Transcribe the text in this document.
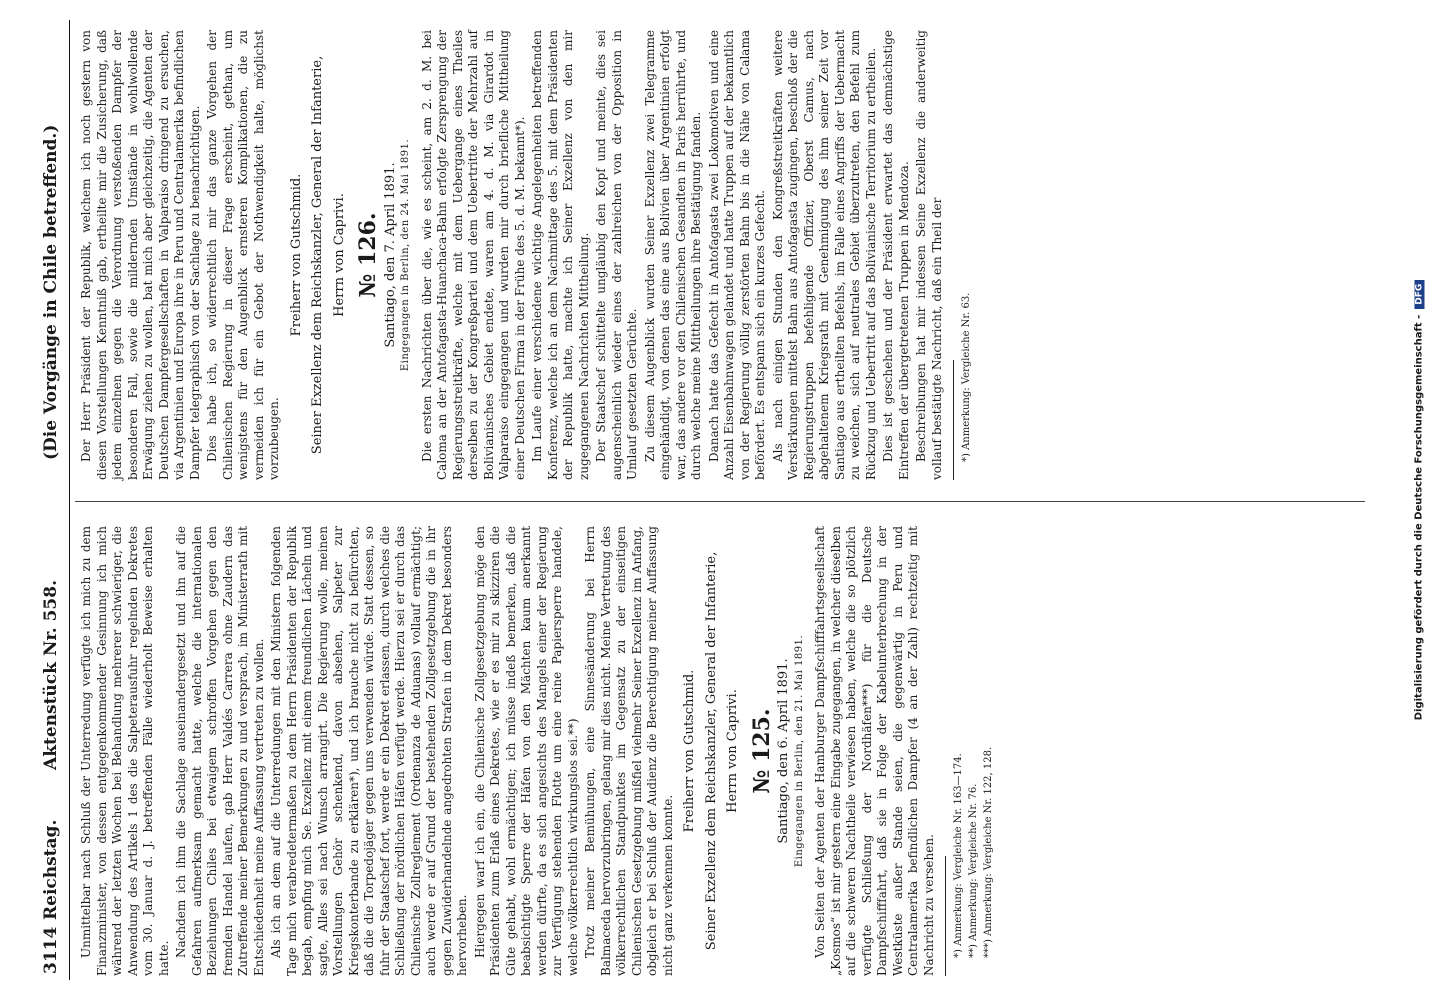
3114
Reichstag.
Aktenstück Nr. 558.
(Die Vorgänge in Chile betreffend.)

Unmittelbar nach Schluß der Unterredung verfügte ich mich zu dem Finanzminister, von dessen entgegenkommender Gesinnung ich mich während der letzten Wochen bei Behandlung mehrerer schwieriger, die Anwendung des Artikels 1 des die Salpeterausfuhr regelnden Dekretes vom 30. Januar d. J. betreffenden Fälle wiederholt Beweise erhalten hatte.

Nachdem ich ihm die Sachlage auseinandergesetzt und ihn auf die Gefahren aufmerksam gemacht hatte, welche die internationalen Beziehungen Chiles bei etwaigem schroffen Vorgehen gegen den fremden Handel laufen, gab Herr Valdés Carrera ohne Zaudern das Zutreffende meiner Bemerkungen zu und versprach, im Ministerrath mit Entschiedenheit meine Auffassung vertreten zu wollen. Als ich an dem auf die Unterredungen mit den Ministern folgenden Tage mich verabredetermaßen zu dem Herrn Präsidenten der Republik begab, empfing mich Se. Exzellenz mit einem freundlichen Lächeln und sagte, Alles sei nach Wunsch arrangirt. Die Regierung wolle, meinen Vorstellungen Gehör schenkend, davon absehen, Salpeter zur Kriegskonterbande zu erklären*), und ich brauche nicht zu befürchten, daß die die Torpedojäger gegen uns verwenden würde. Statt dessen, so fuhr der Staatschef fort, werde er ein Dekret erlassen, durch welches die Schließung der nördlichen Häfen verfügt werde. Hierzu sei er durch das Chilenische Zollreglement (Ordenanza de Aduanas) vollauf ermächtigt; auch werde er auf Grund der bestehenden Zollgesetzgebung die in ihr gegen Zuwiderhandelnde angedrohten Strafen in dem Dekret besonders hervorheben. Hiergegen warf ich ein, die Chilenische Zollgesetzgebung möge den Präsidenten zum Erlaß eines Dekretes, wie er es mir zu skizziren die Güte gehabt, wohl ermächtigen; ich müsse indeß bemerken, daß die beabsichtigte Sperre der Häfen von den Mächten kaum anerkannt werden dürfte, da es sich angesichts des Mangels einer der Regierung zur Verfügung stehenden Flotte um eine reine Papiersperre handele, welche völkerrechtlich wirkungslos sei.**) Trotz meiner Bemühungen, eine Sinnesänderung bei Herrn Balmaceda hervorzubringen, gelang mir dies nicht. Meine Vertretung des völkerrechtlichen Standpunktes im Gegensatz zu der einseitigen Chilenischen Gesetzgebung mißfiel vielmehr Seiner Exzellenz im Anfang, obgleich er bei Schluß der Audienz die Berechtigung meiner Auffassung nicht ganz verkennen konnte.

Freiherr von Gutschmid. Seiner Exzellenz dem Reichskanzler, General der Infanterie, Herrn von Caprivi. № 125. Santiago, den 6. April 1891. Eingegangen in Berlin, den 21. Mai 1891. Von Seiten der Agenten der Hamburger Dampfschifffahrtsgesellschaft „Kosmos“ ist mir gestern eine Eingabe zugegangen, in welcher dieselben auf die schweren Nachtheile verwiesen haben, welche die so plötzlich verfügte Schließung der Nordhäfen***) für die Deutsche Dampfschifffahrt, daß sie in Folge der Kabelunterbrechung in der Westküste außer Stande seien, die gegenwärtig in Peru und Centralamerika befindlichen Dampfer (4 an der Zahl) rechtzeitig mit Nachricht zu versehen. *) Anmerkung: Vergleiche Nr. 163—174. **) Anmerkung: Vergleiche Nr. 76. ***) Anmerkung: Vergleiche Nr. 122, 128.

Der Herr Präsident der Republik, welchem ich noch gestern von diesen Vorstellungen Kenntniß gab, ertheilte mir die Zusicherung, daß jedem einzelnen gegen die Verordnung verstoßenden Dampfer der besonderen Fall, sowie die mildernden Umstände in wohlwollende Erwägung ziehen zu wollen, bat mich aber gleichzeitig, die Agenten der Deutschen Dampfergesellschaften in Valparaiso dringend zu ersuchen, via Argentinien und Europa ihre in Peru und Centralamerika befindlichen Dampfer telegraphisch von der Sachlage zu benachrichtigen. Dies habe ich, so widerrechtlich mir das ganze Vorgehen der Chilenischen Regierung in dieser Frage erscheint, gethan, um wenigstens für den Augenblick ernsteren Komplikationen, die zu vermeiden ich für ein Gebot der Nothwendigkeit halte, möglichst vorzubeugen.

Freiherr von Gutschmid. Seiner Exzellenz dem Reichskanzler, General der Infanterie, Herrn von Caprivi. № 126. Santiago, den 7. April 1891. Eingegangen in Berlin, den 24. Mai 1891. Die ersten Nachrichten über die, wie es scheint, am 2. d. M. bei Caloma an der Antofagasta-Huanchaca-Bahn erfolgte Zersprengung der Regierungsstreitkräfte, welche mit dem Uebergange eines Theiles derselben zu der Kongreßpartei und dem Uebertritte der Mehrzahl auf Bolivianisches Gebiet endete, waren am 4. d. M. via Girardot in Valparaiso eingegangen und wurden mir durch briefliche Mittheilung einer Deutschen Firma in der Frühe des 5. d. M. bekannt*). Im Laufe einer verschiedene wichtige Angelegenheiten betreffenden Konferenz, welche ich an dem Nachmittage des 5. mit dem Präsidenten der Republik hatte, machte ich Seiner Exzellenz von den mir zugegangenen Nachrichten Mittheilung. Der Staatschef schüttelte ungläubig den Kopf und meinte, dies sei augenscheinlich wieder eines der zahlreichen von der Opposition in Umlauf gesetzten Gerüchte. Zu diesem Augenblick wurden Seiner Exzellenz zwei Telegramme eingehändigt, von denen das eine aus Bolivien über Argentinien erfolgt war, das andere vor den Chilenischen Gesandten in Paris herrührte, und durch welche meine Mittheilungen ihre Bestätigung fanden. Danach hatte das Gefecht in Antofagasta zwei Lokomotiven und eine Anzahl Eisenbahnwagen gelandet und hatte Truppen auf der bekanntlich von der Regierung völlig zerstörten Bahn bis in die Nähe von Calama befördert. Es entspann sich ein kurzes Gefecht. Als nach einigen Stunden den Kongreßstreitkräften weitere Verstärkungen mittelst Bahn aus Antofagasta zugingen, beschloß der die Regierungstruppen befehligende Offizier, Oberst Camus, nach abgehaltenem Kriegsrath mit Genehmigung des ihm seiner Zeit vor Santiago aus ertheilten Befehls, im Falle eines Angriffs der Uebermacht zu weichen, sich auf neutrales Gebiet überzutreten, den Befehl zum Rückzug und Uebertritt auf das Bolivianische Territorium zu ertheilen. Dies ist geschehen und der Präsident erwartet das demnächstige Eintreffen der übergetretenen Truppen in Mendoza. Beschreibungen hat mir indessen Seine Exzellenz die anderweitig vollauf bestätigte Nachricht, daß ein Theil der *) Anmerkung: Vergleiche Nr. 63.	Digitalisierung gefördert durch die Deutsche Forschungsgemeinschaft -DFG
